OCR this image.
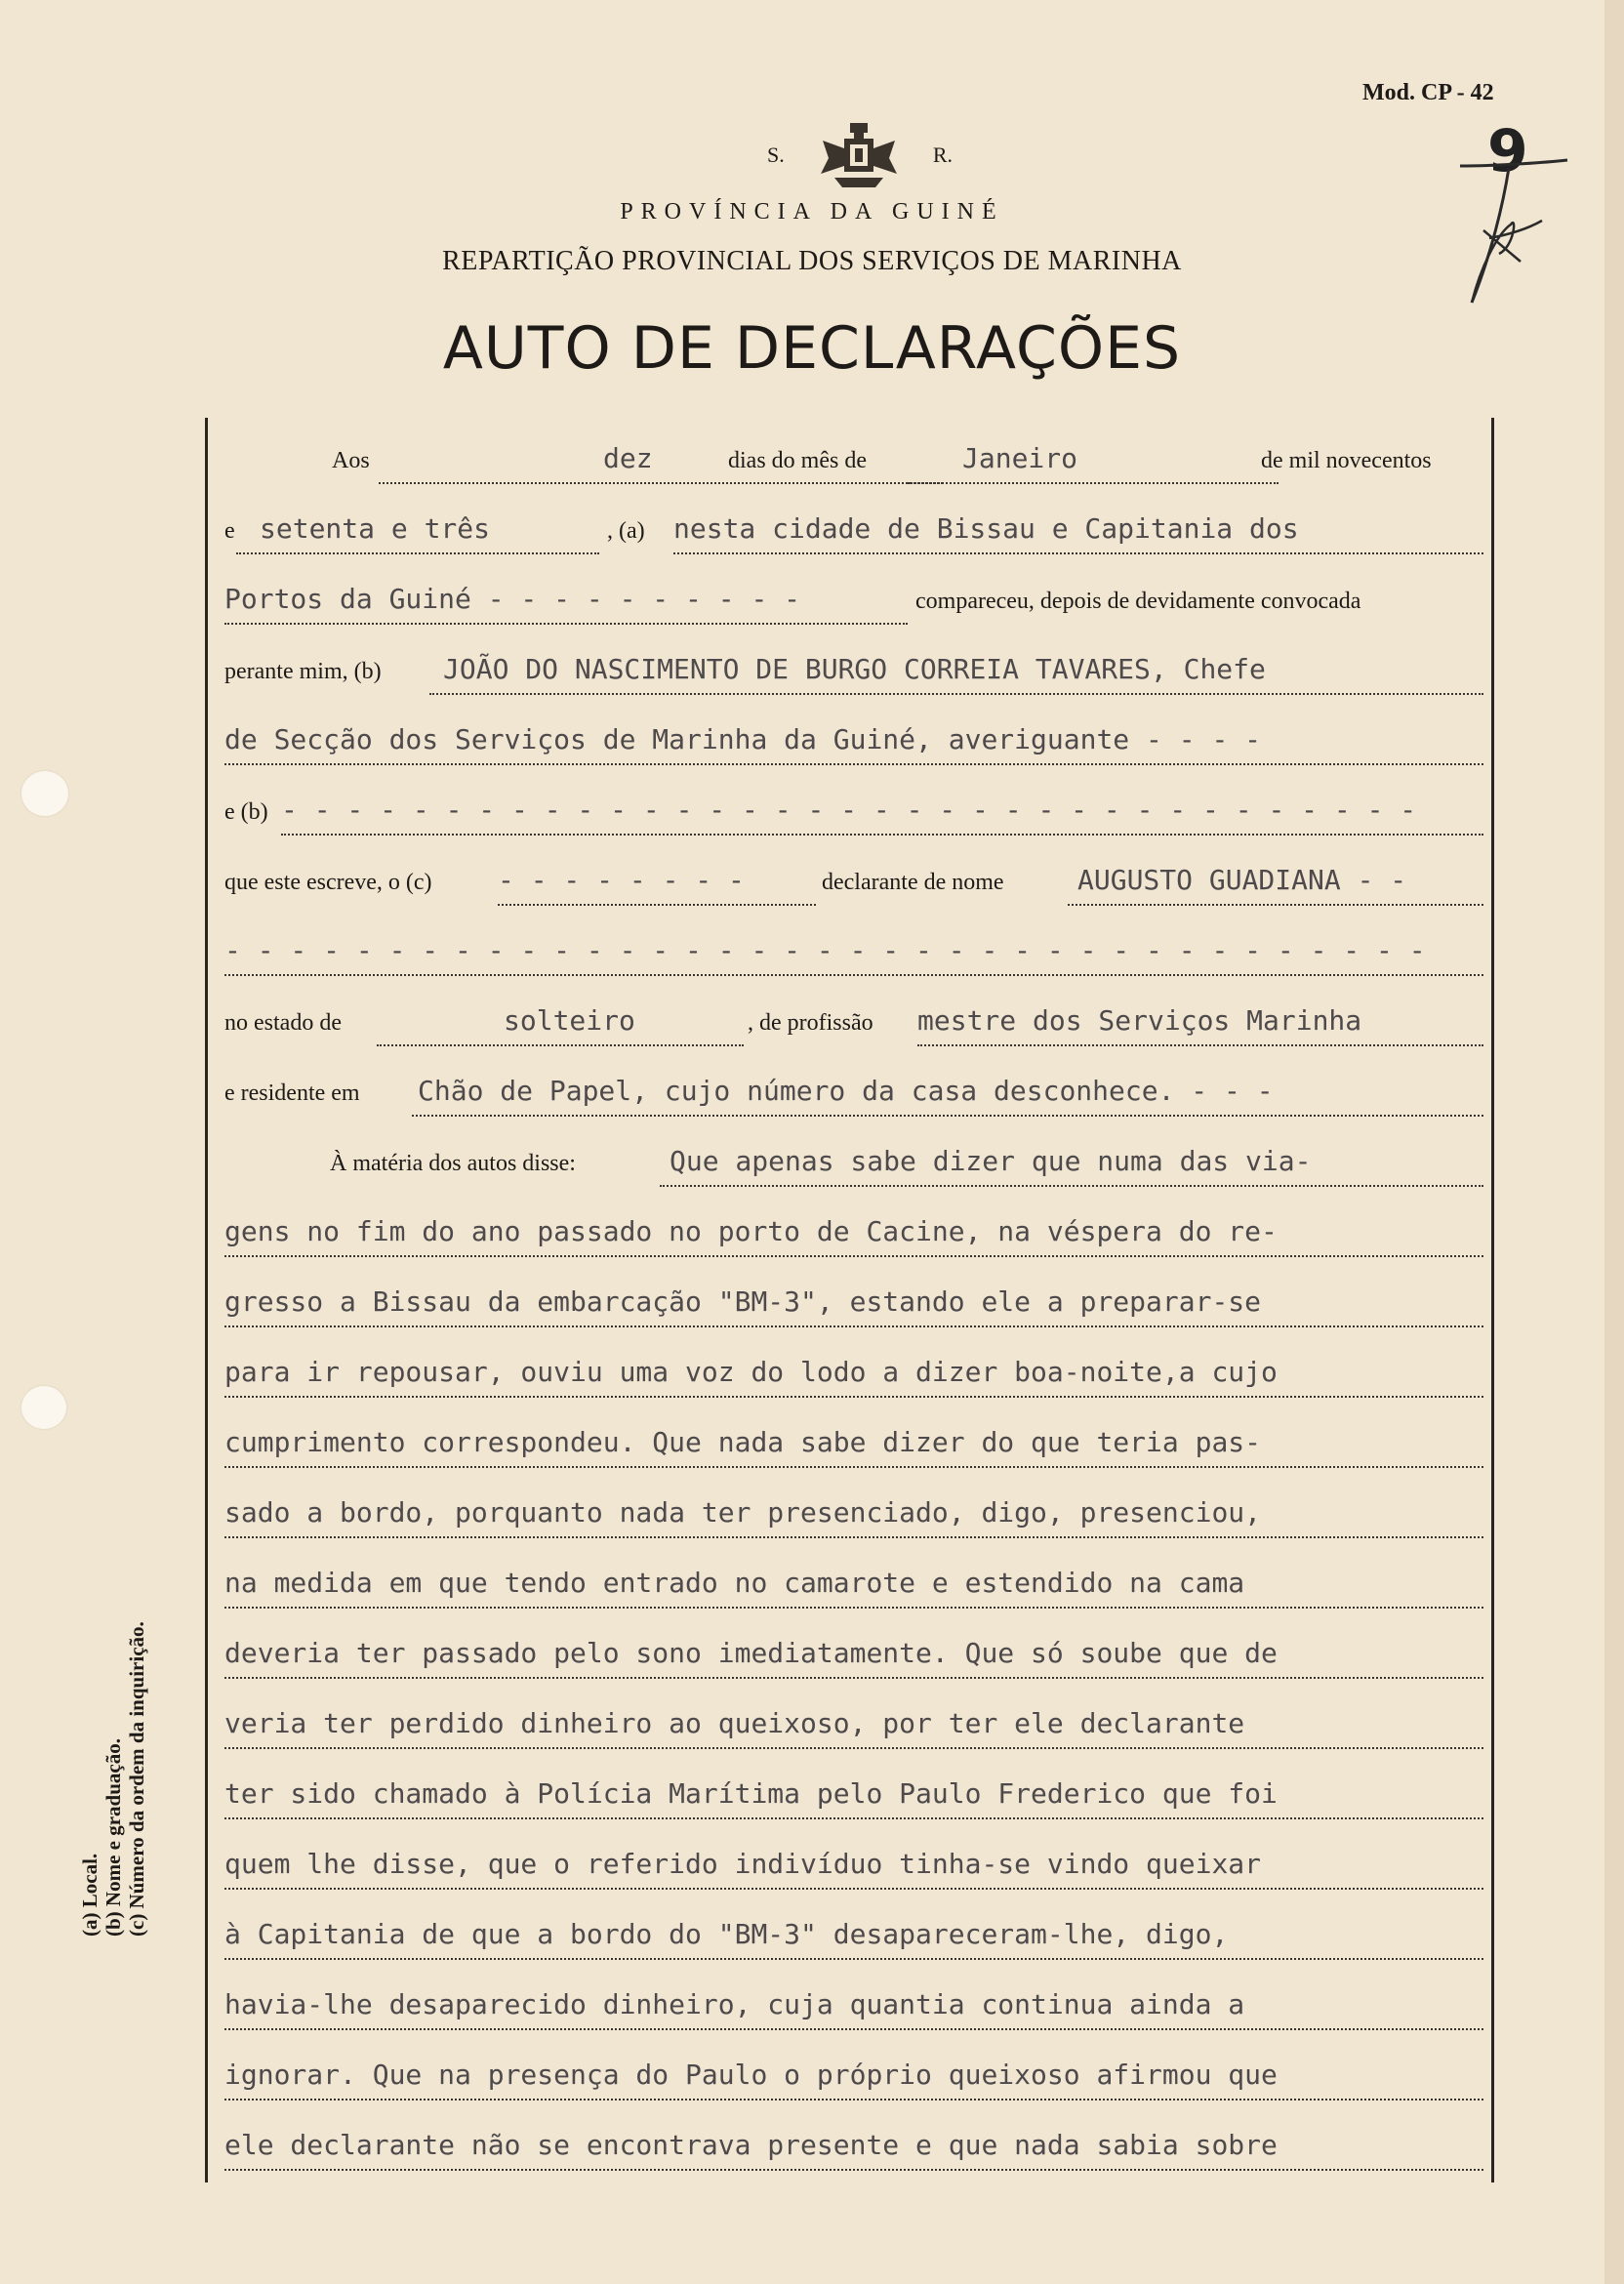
Mod. CP - 42
9
S.	R.
PROVÍNCIA DA GUINÉ
REPARTIÇÃO PROVINCIAL DOS SERVIÇOS DE MARINHA
AUTO DE DECLARAÇÕES
Aos	dez	dias do mês de	Janeiro	de mil novecentos
e setenta e três	, (a) nesta cidade de Bissau e Capitania dos
Portos da Guiné - - - - - - - - - -	compareceu, depois de devidamente convocada
perante mim, (b) JOÃO DO NASCIMENTO DE BURGO CORREIA TAVARES, Chefe
de Secção dos Serviços de Marinha da Guiné, averiguante - - - -
e (b) - - - - - - - - - - - - - - - - - - - - - - - - - - - - - - - - - - -
que este escreve, o (c) - - - - - - - -	declarante de nome	AUGUSTO GUADIANA - -
- - - - - - - - - - - - - - - - - - - - - - - - - - - - - - - - - - - - -
no estado de	solteiro	, de profissão mestre dos Serviços Marinha
e residente em Chão de Papel, cujo número da casa desconhece. - - -
À matéria dos autos disse:	Que apenas sabe dizer que numa das via-
gens no fim do ano passado no porto de Cacine, na véspera do re-
gresso a Bissau da embarcação "BM-3", estando ele a preparar-se
para ir repousar, ouviu uma voz do lodo a dizer boa-noite,a cujo
cumprimento correspondeu. Que nada sabe dizer do que teria pas-
sado a bordo, porquanto nada ter presenciado, digo, presenciou,
na medida em que tendo entrado no camarote e estendido na cama
deveria ter passado pelo sono imediatamente. Que só soube que de
veria ter perdido dinheiro ao queixoso, por ter ele declarante
ter sido chamado à Polícia Marítima pelo Paulo Frederico que foi
quem lhe disse, que o referido indivíduo tinha-se vindo queixar
à Capitania de que a bordo do "BM-3" desapareceram-lhe, digo,
havia-lhe desaparecido dinheiro, cuja quantia continua ainda a
ignorar. Que na presença do Paulo o próprio queixoso afirmou que
ele declarante não se encontrava presente e que nada sabia sobre
(a) Local. (b) Nome e graduação. (c) Número da ordem da inquirição.
